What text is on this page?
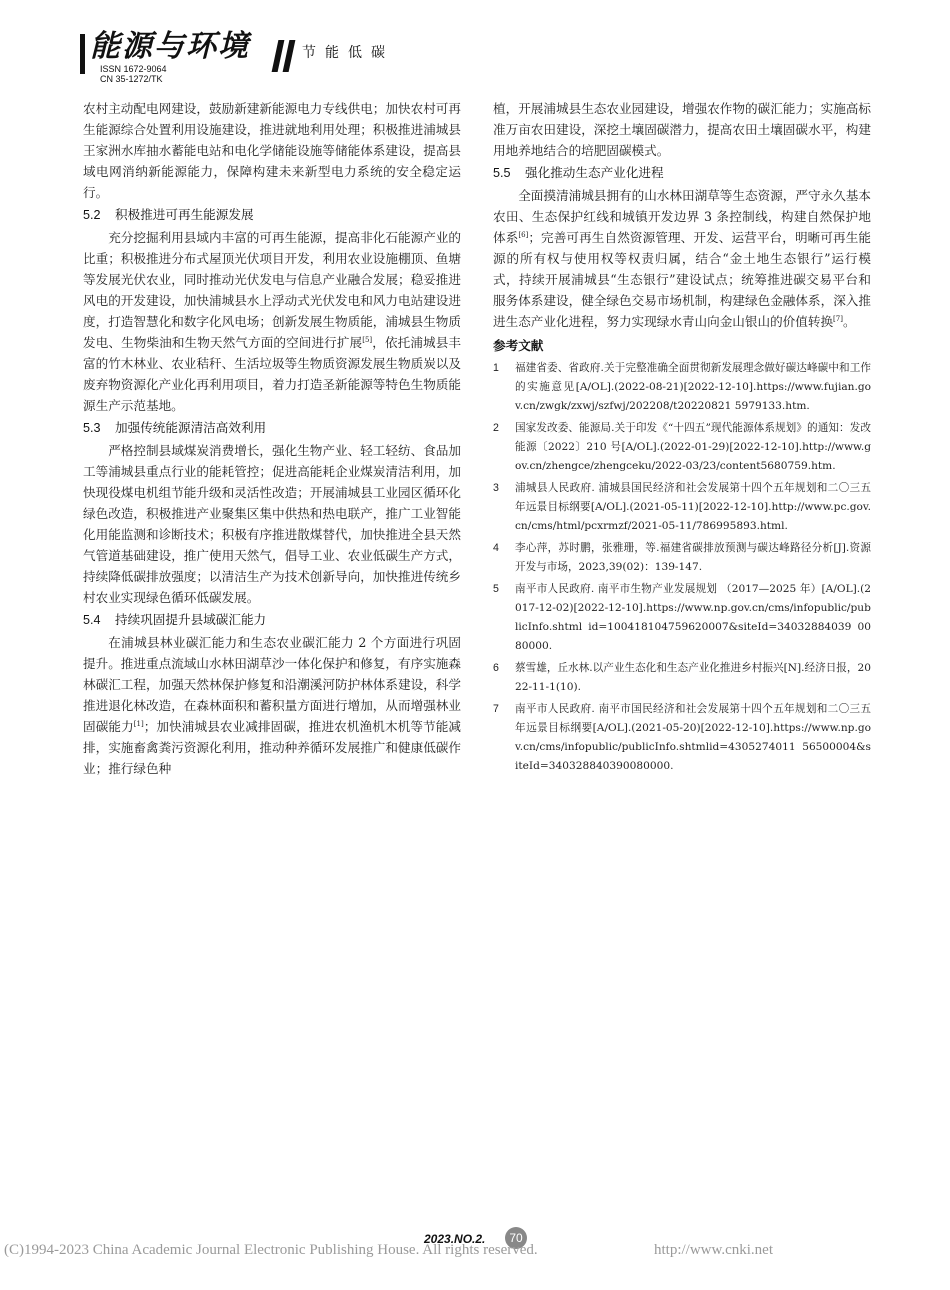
能源与环境
ISSN 1672-9064
CN 35-1272/TK
节能低碳

农村主动配电网建设，鼓励新建新能源电力专线供电；加快农村可再生能源综合处置利用设施建设，推进就地利用处理；积极推进浦城县王家洲水库抽水蓄能电站和电化学储能设施等储能体系建设，提高县域电网消纳新能源能力，保障构建未来新型电力系统的安全稳定运行。

5.2 积极推进可再生能源发展

充分挖掘利用县域内丰富的可再生能源，提高非化石能源产业的比重；积极推进分布式屋顶光伏项目开发，利用农业设施棚顶、鱼塘等发展光伏农业，同时推动光伏发电与信息产业融合发展；稳妥推进风电的开发建设，加快浦城县水上浮动式光伏发电和风力电站建设进度，打造智慧化和数字化风电场；创新发展生物质能，浦城县生物质发电、生物柴油和生物天然气方面的空间进行扩展[5]，依托浦城县丰富的竹木林业、农业秸秆、生活垃圾等生物质资源发展生物质炭以及废弃物资源化产业化再利用项目，着力打造圣新能源等特色生物质能源生产示范基地。

5.3 加强传统能源清洁高效利用

严格控制县域煤炭消费增长，强化生物产业、轻工轻纺、食品加工等浦城县重点行业的能耗管控；促进高能耗企业煤炭清洁利用，加快现役煤电机组节能升级和灵活性改造；开展浦城县工业园区循环化绿色改造，积极推进产业聚集区集中供热和热电联产，推广工业智能化用能监测和诊断技术；积极有序推进散煤替代，加快推进全县天然气管道基础建设，推广使用天然气，倡导工业、农业低碳生产方式，持续降低碳排放强度；以清洁生产为技术创新导向，加快推进传统乡村农业实现绿色循环低碳发展。

5.4 持续巩固提升县域碳汇能力

在浦城县林业碳汇能力和生态农业碳汇能力 2 个方面进行巩固提升。推进重点流域山水林田湖草沙一体化保护和修复，有序实施森林碳汇工程，加强天然林保护修复和沿潮溪河防护林体系建设，科学推进退化林改造，在森林面积和蓄积量方面进行增加，从而增强林业固碳能力[1]；加快浦城县农业减排固碳，推进农机渔机木机等节能减排，实施畜禽粪污资源化利用，推动种养循环发展推广和健康低碳作业；推行绿色种

植，开展浦城县生态农业园建设，增强农作物的碳汇能力；实施高标准万亩农田建设，深挖土壤固碳潜力，提高农田土壤固碳水平，构建用地养地结合的培肥固碳模式。

5.5 强化推动生态产业化进程

全面摸清浦城县拥有的山水林田湖草等生态资源，严守永久基本农田、生态保护红线和城镇开发边界 3 条控制线，构建自然保护地体系[6]；完善可再生自然资源管理、开发、运营平台，明晰可再生能源的所有权与使用权等权责归属，结合“金土地生态银行”运行模式，持续开展浦城县“生态银行”建设试点；统筹推进碳交易平台和服务体系建设，健全绿色交易市场机制，构建绿色金融体系，深入推进生态产业化进程，努力实现绿水青山向金山银山的价值转换[7]。

参考文献
1 福建省委、省政府.关于完整准确全面贯彻新发展理念做好碳达峰碳中和工作的实施意见[A/OL].(2022-08-21)[2022-12-10].https://www.fujian.gov.cn/zwgk/zxwj/szfwj/202208/t20220821 5979133.htm.
2 国家发改委、能源局.关于印发《“十四五”现代能源体系规划》的通知：发改能源〔2022〕210 号[A/OL].(2022-01-29)[2022-12-10].http://www.gov.cn/zhengce/zhengceku/2022-03/23/content5680759.htm.
3 浦城县人民政府. 浦城县国民经济和社会发展第十四个五年规划和二〇三五年远景目标纲要[A/OL].(2021-05-11)[2022-12-10].http://www.pc.gov.cn/cms/html/pcxrmzf/2021-05-11/786995893.html.
4 李心萍，苏时鹏，张雅珊，等.福建省碳排放预测与碳达峰路径分析[J].资源开发与市场，2023,39(02)：139-147.
5 南平市人民政府. 南平市生物产业发展规划 （2017—2025 年）[A/OL].(2017-12-02)[2022-12-10].https://www.np.gov.cn/cms/infopublic/publicInfo.shtml id=100418104759620007&siteId=34032884039 0080000.
6 蔡雪雄，丘水林.以产业生态化和生态产业化推进乡村振兴[N].经济日报，2022-11-1(10).
7 南平市人民政府. 南平市国民经济和社会发展第十四个五年规划和二〇三五年远景目标纲要[A/OL].(2021-05-20)[2022-12-10].https://www.np.gov.cn/cms/infopublic/publicInfo.shtmlid=4305274011 56500004&siteId=340328840390080000.
2023.NO.2.	70
(C)1994-2023 China Academic Journal Electronic Publishing House. All rights reserved.	http://www.cnki.net
